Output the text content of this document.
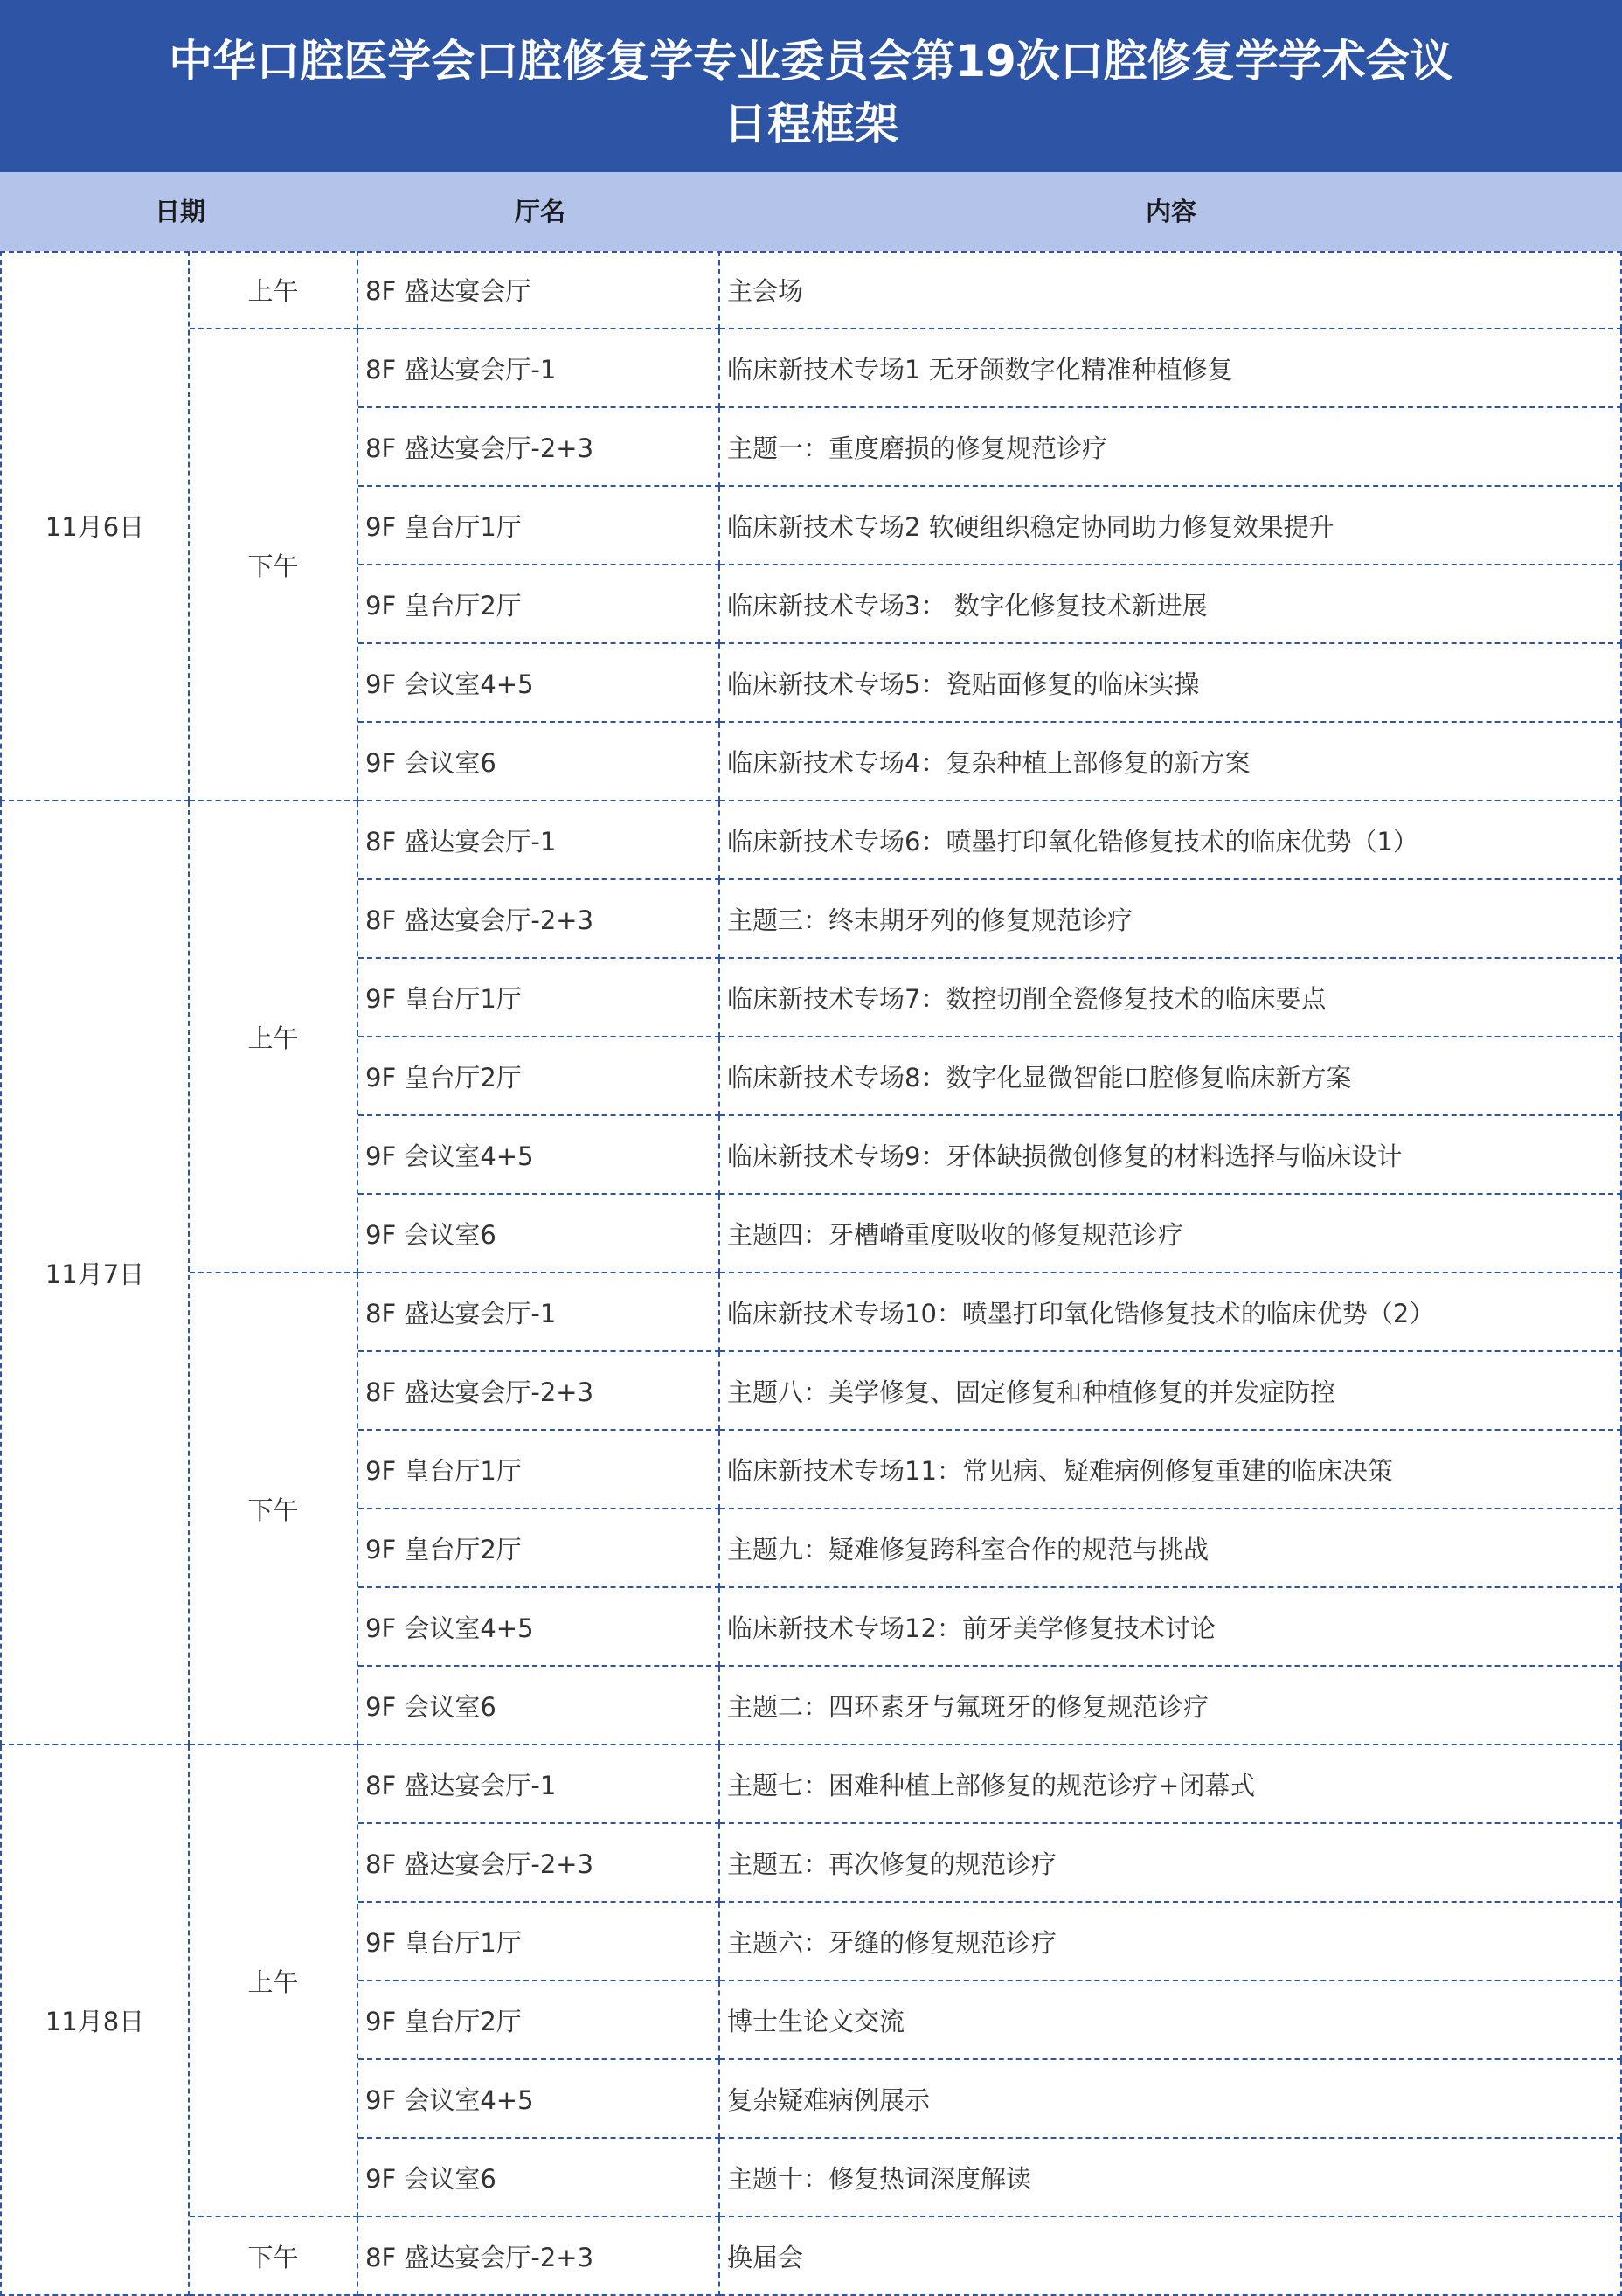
中华口腔医学会口腔修复学专业委员会第19次口腔修复学学术会议
日程框架
日期	厅名	内容
11月6日
上午	8F 盛达宴会厅	主会场
下午
8F 盛达宴会厅-1	临床新技术专场1 无牙颌数字化精准种植修复
8F 盛达宴会厅-2+3	主题一：重度磨损的修复规范诊疗
9F 皇台厅1厅	临床新技术专场2 软硬组织稳定协同助力修复效果提升
9F 皇台厅2厅	临床新技术专场3： 数字化修复技术新进展
9F 会议室4+5	临床新技术专场5：瓷贴面修复的临床实操
9F 会议室6	临床新技术专场4：复杂种植上部修复的新方案
11月7日
上午
8F 盛达宴会厅-1	临床新技术专场6：喷墨打印氧化锆修复技术的临床优势（1）
8F 盛达宴会厅-2+3	主题三：终末期牙列的修复规范诊疗
9F 皇台厅1厅	临床新技术专场7：数控切削全瓷修复技术的临床要点
9F 皇台厅2厅	临床新技术专场8：数字化显微智能口腔修复临床新方案
9F 会议室4+5	临床新技术专场9：牙体缺损微创修复的材料选择与临床设计
9F 会议室6	主题四：牙槽嵴重度吸收的修复规范诊疗
下午
8F 盛达宴会厅-1	临床新技术专场10：喷墨打印氧化锆修复技术的临床优势（2）
8F 盛达宴会厅-2+3	主题八：美学修复、固定修复和种植修复的并发症防控
9F 皇台厅1厅	临床新技术专场11：常见病、疑难病例修复重建的临床决策
9F 皇台厅2厅	主题九：疑难修复跨科室合作的规范与挑战
9F 会议室4+5	临床新技术专场12：前牙美学修复技术讨论
9F 会议室6	主题二：四环素牙与氟斑牙的修复规范诊疗
11月8日
上午
8F 盛达宴会厅-1	主题七：困难种植上部修复的规范诊疗+闭幕式
8F 盛达宴会厅-2+3	主题五：再次修复的规范诊疗
9F 皇台厅1厅	主题六：牙缝的修复规范诊疗
9F 皇台厅2厅	博士生论文交流
9F 会议室4+5	复杂疑难病例展示
9F 会议室6	主题十：修复热词深度解读
下午	8F 盛达宴会厅-2+3	换届会
